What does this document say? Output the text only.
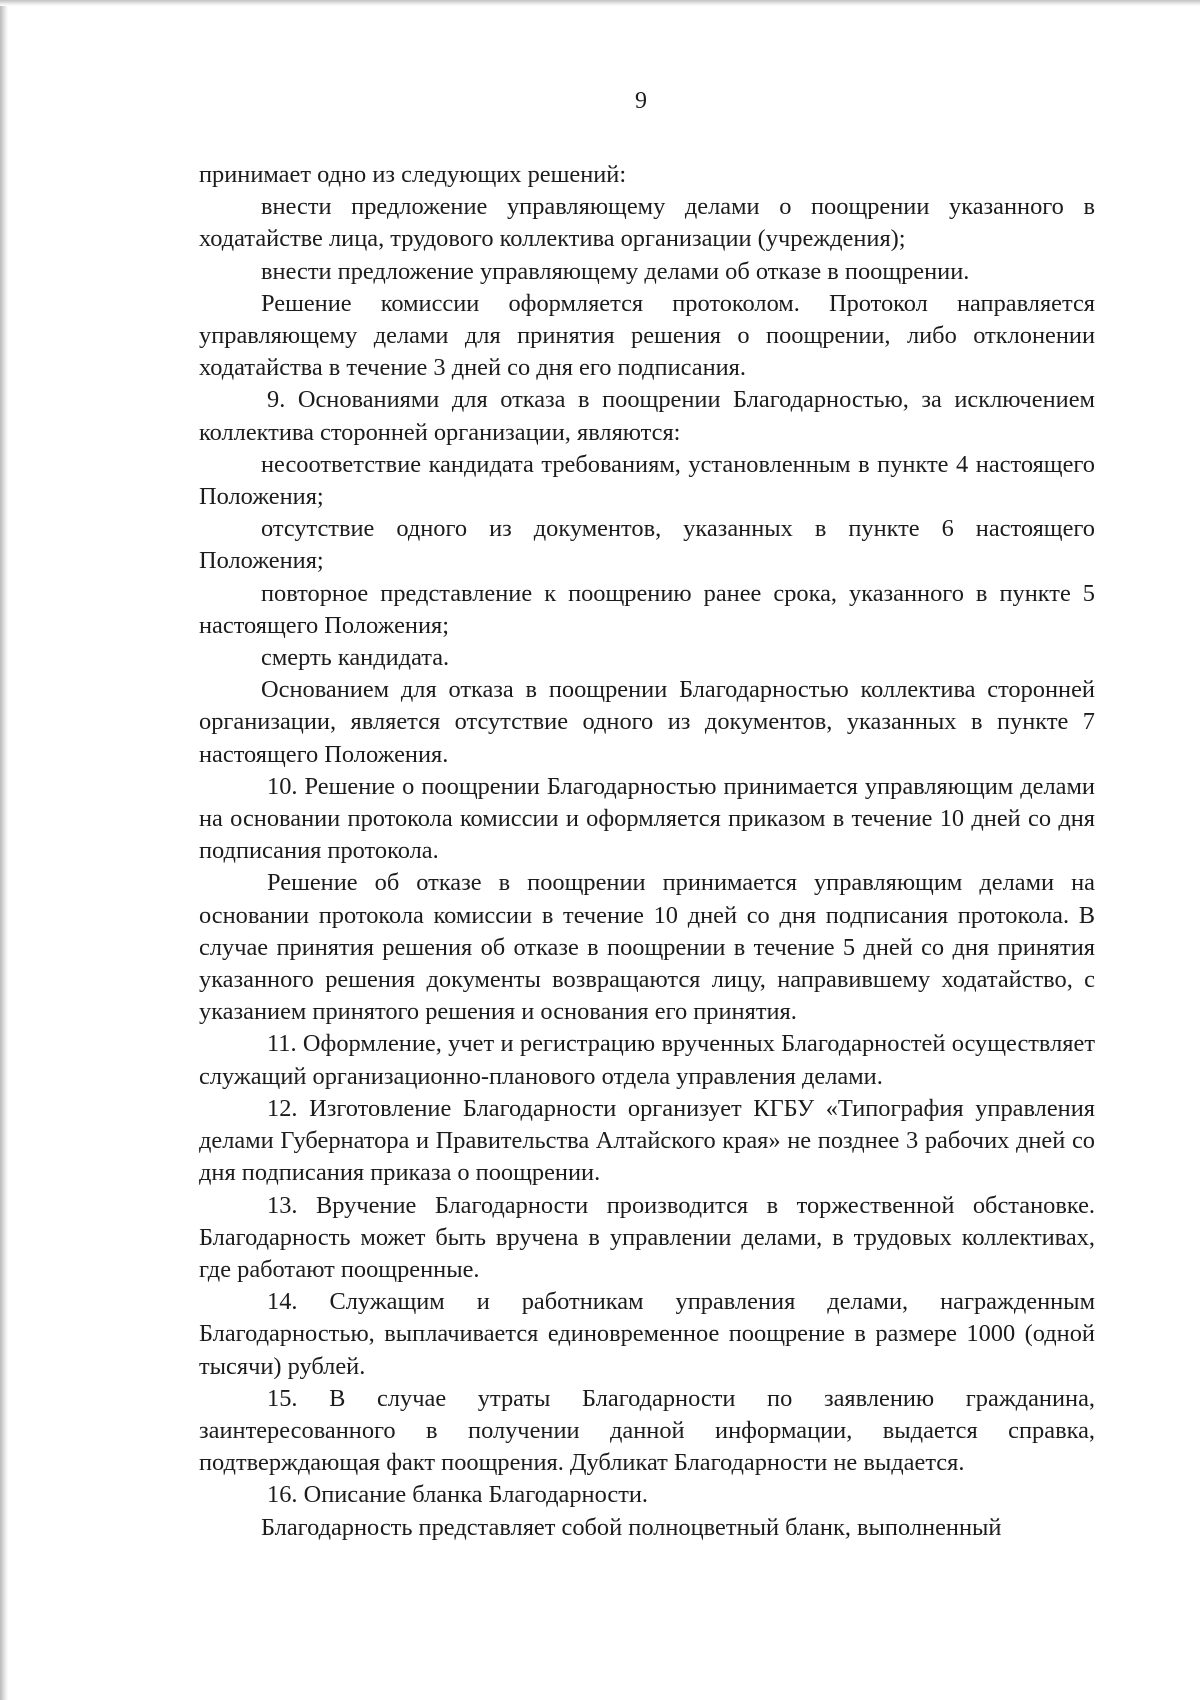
9

принимает одно из следующих решений:

внести предложение управляющему делами о поощрении указанного в ходатайстве лица, трудового коллектива организации (учреждения);

внести предложение управляющему делами об отказе в поощрении.

Решение комиссии оформляется протоколом. Протокол направляется управляющему делами для принятия решения о поощрении, либо отклонении ходатайства в течение 3 дней со дня его подписания.

9. Основаниями для отказа в поощрении Благодарностью, за исключением коллектива сторонней организации, являются:

несоответствие кандидата требованиям, установленным в пункте 4 настоящего Положения;

отсутствие одного из документов, указанных в пункте 6 настоящего Положения;

повторное представление к поощрению ранее срока, указанного в пункте 5 настоящего Положения;

смерть кандидата.

Основанием для отказа в поощрении Благодарностью коллектива сторонней организации, является отсутствие одного из документов, указанных в пункте 7 настоящего Положения.

10. Решение о поощрении Благодарностью принимается управляющим делами на основании протокола комиссии и оформляется приказом в течение 10 дней со дня подписания протокола.

Решение об отказе в поощрении принимается управляющим делами на основании протокола комиссии в течение 10 дней со дня подписания протокола. В случае принятия решения об отказе в поощрении в течение 5 дней со дня принятия указанного решения документы возвращаются лицу, направившему ходатайство, с указанием принятого решения и основания его принятия.

11. Оформление, учет и регистрацию врученных Благодарностей осуществляет служащий организационно-планового отдела управления делами.

12. Изготовление Благодарности организует КГБУ «Типография управления делами Губернатора и Правительства Алтайского края» не позднее 3 рабочих дней со дня подписания приказа о поощрении.

13. Вручение Благодарности производится в торжественной обстановке. Благодарность может быть вручена в управлении делами, в трудовых коллективах, где работают поощренные.

14. Служащим и работникам управления делами, награжденным Благодарностью, выплачивается единовременное поощрение в размере 1000 (одной тысячи) рублей.

15. В случае утраты Благодарности по заявлению гражданина, заинтересованного в получении данной информации, выдается справка, подтверждающая факт поощрения. Дубликат Благодарности не выдается.

16. Описание бланка Благодарности.

Благодарность представляет собой полноцветный бланк, выполненный
